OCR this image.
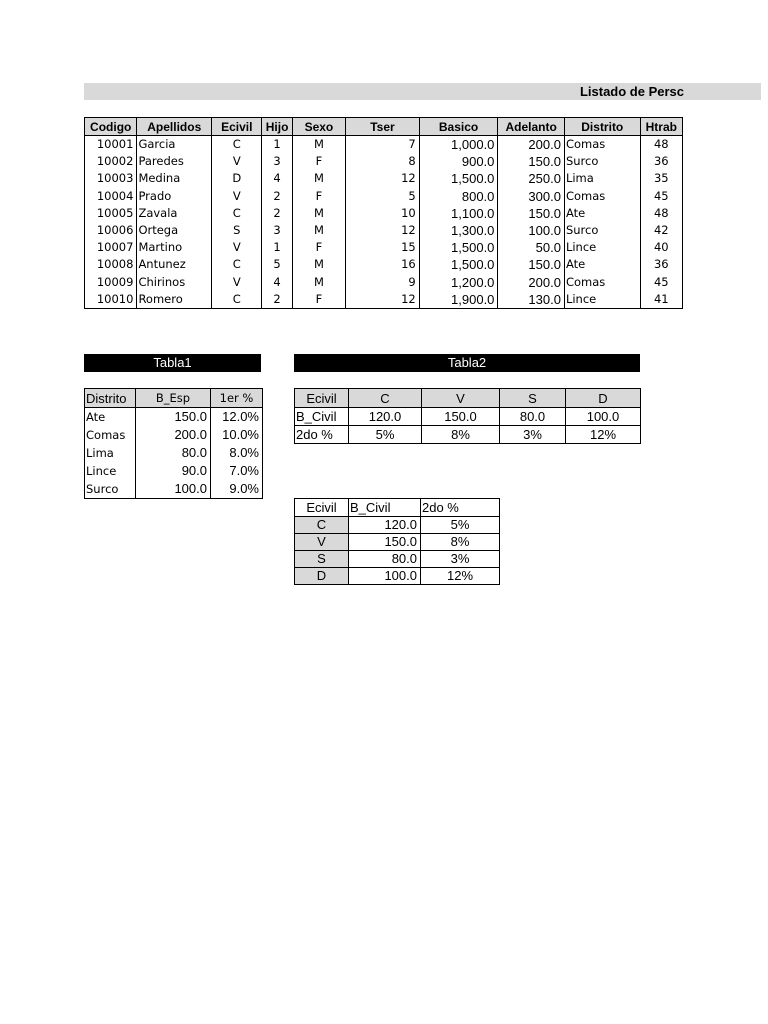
Listado de Persc
Codigo	Apellidos	Ecivil	Hijo	Sexo	Tser	Basico	Adelanto	Distrito	Htrab
10001	Garcia	C	1	M	7	1,000.0	200.0	Comas	48
10002	Paredes	V	3	F	8	900.0	150.0	Surco	36
10003	Medina	D	4	M	12	1,500.0	250.0	Lima	35
10004	Prado	V	2	F	5	800.0	300.0	Comas	45
10005	Zavala	C	2	M	10	1,100.0	150.0	Ate	48
10006	Ortega	S	3	M	12	1,300.0	100.0	Surco	42
10007	Martino	V	1	F	15	1,500.0	50.0	Lince	40
10008	Antunez	C	5	M	16	1,500.0	150.0	Ate	36
10009	Chirinos	V	4	M	9	1,200.0	200.0	Comas	45
10010	Romero	C	2	F	12	1,900.0	130.0	Lince	41
Tabla1
Distrito	B_Esp	1er %
Ate	150.0	12.0%
Comas	200.0	10.0%
Lima	80.0	8.0%
Lince	90.0	7.0%
Surco	100.0	9.0%
Tabla2
Ecivil	C	V	S	D
B_Civil	120.0	150.0	80.0	100.0
2do %	5%	8%	3%	12%
Ecivil	B_Civil	2do %
C	120.0	5%
V	150.0	8%
S	80.0	3%
D	100.0	12%
